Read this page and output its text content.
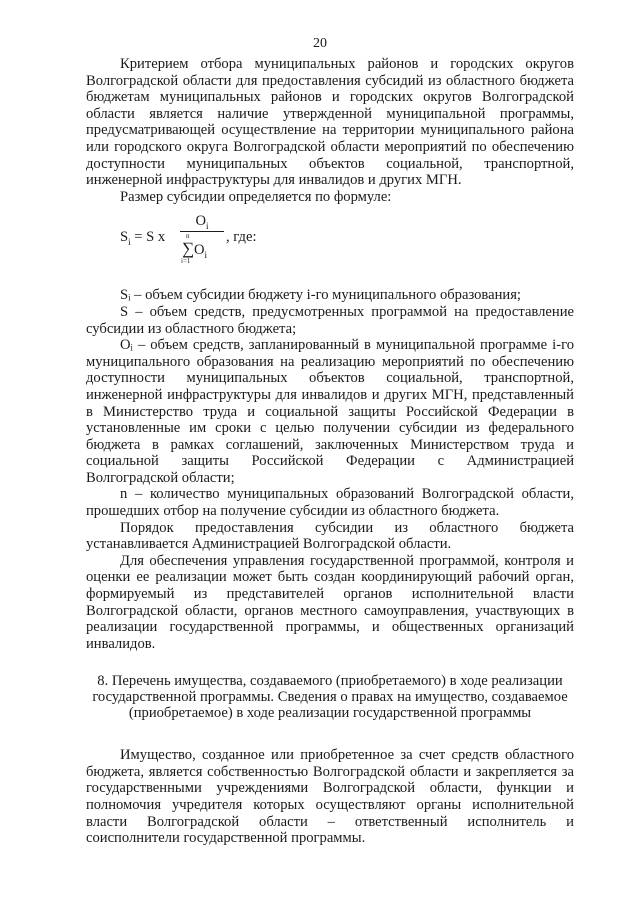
20

Критерием отбора муниципальных районов и городских округов Волгоградской области для предоставления субсидий из областного бюджета бюджетам муниципальных районов и городских округов Волгоградской области является наличие утвержденной муниципальной программы, предусматривающей осуществление на территории муниципального района или городского округа Волгоградской области мероприятий по обеспечению доступности муниципальных объектов социальной, транспортной, инженерной инфраструктуры для инвалидов и других МГН.

Размер субсидии определяется по формуле:

$S_i = S$ x
$O_i$
n
∑
i=1
$O_i$
, где:

Sᵢ – объем субсидии бюджету i-го муниципального образования;

S – объем средств, предусмотренных программой на предоставление субсидии из областного бюджета;

Oᵢ – объем средств, запланированный в муниципальной программе i-го муниципального образования на реализацию мероприятий по обеспечению доступности муниципальных объектов социальной, транспортной, инженерной инфраструктуры для инвалидов и других МГН, представленный в Министерство труда и социальной защиты Российской Федерации в установленные им сроки с целью получении субсидии из федерального бюджета в рамках соглашений, заключенных Министерством труда и социальной защиты Российской Федерации с Администрацией Волгоградской области;

n – количество муниципальных образований Волгоградской области, прошедших отбор на получение субсидии из областного бюджета.

Порядок предоставления субсидии из областного бюджета устанавливается Администрацией Волгоградской области.

Для обеспечения управления государственной программой, контроля и оценки ее реализации может быть создан координирующий рабочий орган, формируемый из представителей органов исполнительной власти Волгоградской области, органов местного самоуправления, участвующих в реализации государственной программы, и общественных организаций инвалидов.

8. Перечень имущества, создаваемого (приобретаемого) в ходе реализации
государственной программы. Сведения о правах на имущество, создаваемое
(приобретаемое) в ходе реализации государственной программы

Имущество, созданное или приобретенное за счет средств областного бюджета, является собственностью Волгоградской области и закрепляется за государственными учреждениями Волгоградской области, функции и полномочия учредителя которых осуществляют органы исполнительной власти Волгоградской области – ответственный исполнитель и соисполнители государственной программы.
